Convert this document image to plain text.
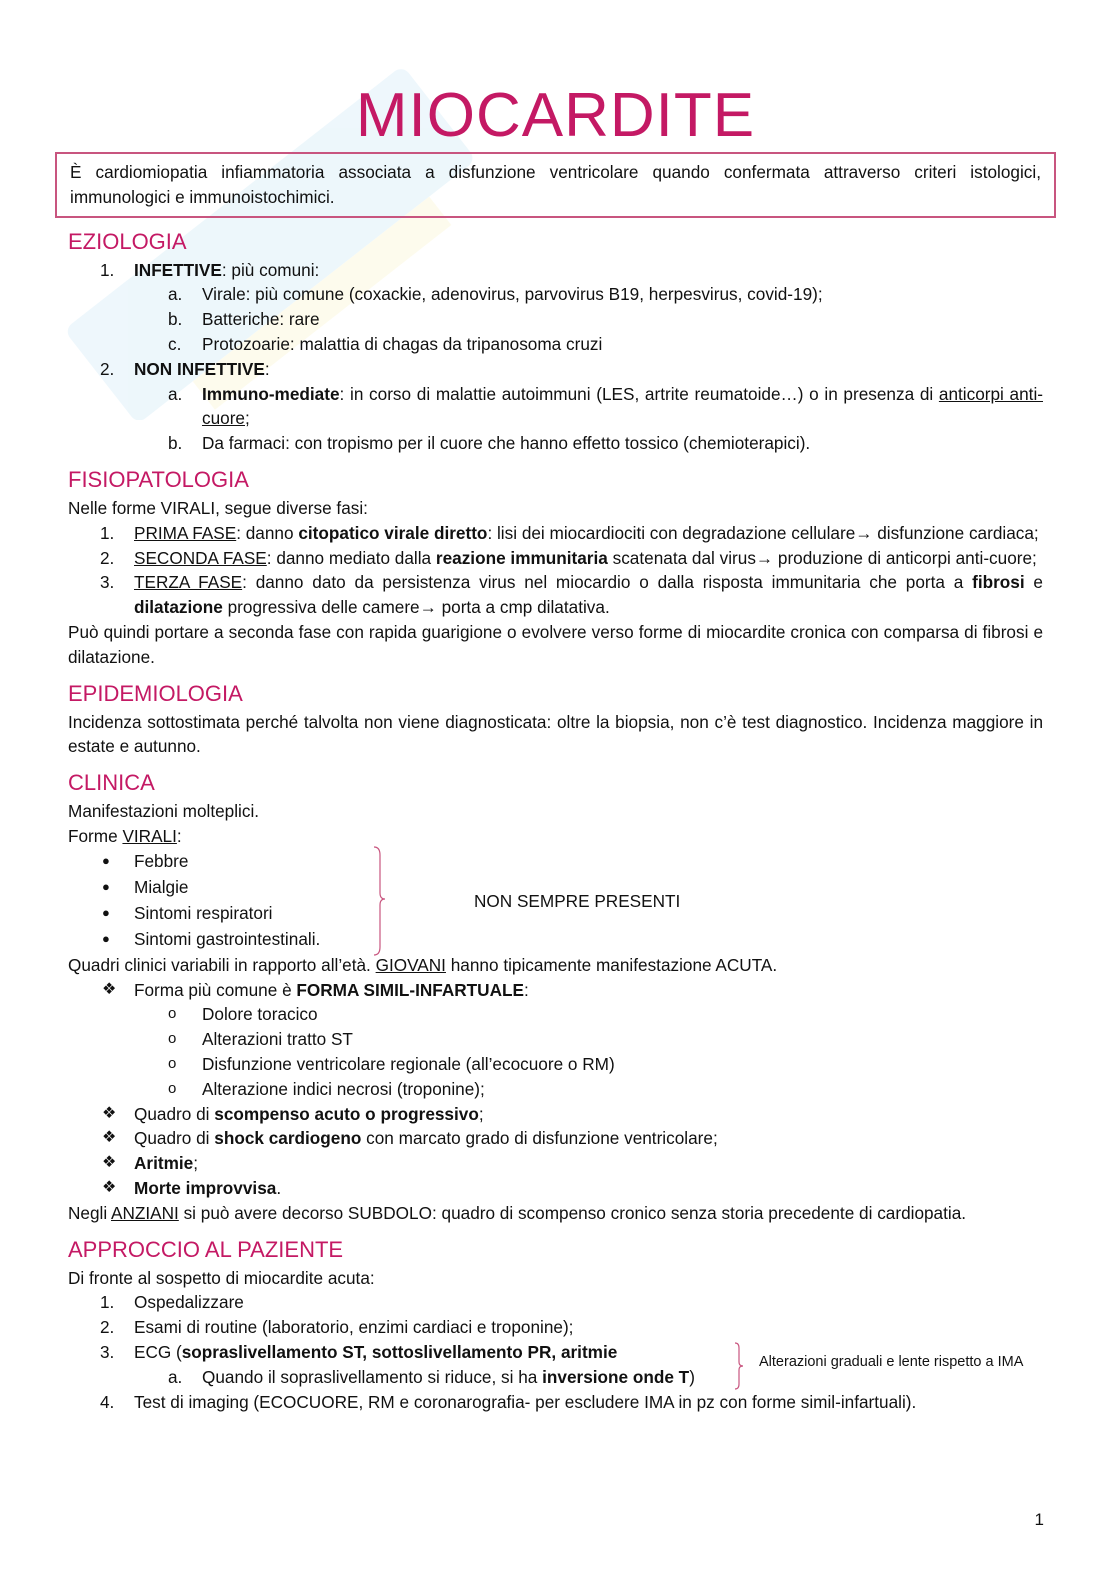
MIOCARDITE

È cardiomiopatia infiammatoria associata a disfunzione ventricolare quando confermata attraverso criteri istologici, immunologici e immunoistochimici.

EZIOLOGIA
1.	INFETTIVE: più comuni:
a.	Virale: più comune (coxackie, adenovirus, parvovirus B19, herpesvirus, covid-19);
b.	Batteriche: rare
c.	Protozoarie: malattia di chagas da tripanosoma cruzi
2.	NON INFETTIVE:
a.	Immuno-mediate: in corso di malattie autoimmuni (LES, artrite reumatoide…) o in presenza di anticorpi anti-cuore;
b.	Da farmaci: con tropismo per il cuore che hanno effetto tossico (chemioterapici).
FISIOPATOLOGIA

Nelle forme VIRALI, segue diverse fasi:

1.	PRIMA FASE: danno citopatico virale diretto: lisi dei miocardiociti con degradazione cellulare→ disfunzione cardiaca;
2.	SECONDA FASE: danno mediato dalla reazione immunitaria scatenata dal virus→ produzione di anticorpi anti-cuore;
3.	TERZA FASE: danno dato da persistenza virus nel miocardio o dalla risposta immunitaria che porta a fibrosi e dilatazione progressiva delle camere→ porta a cmp dilatativa.

Può quindi portare a seconda fase con rapida guarigione o evolvere verso forme di miocardite cronica con comparsa di fibrosi e dilatazione.

EPIDEMIOLOGIA

Incidenza sottostimata perché talvolta non viene diagnosticata: oltre la biopsia, non c’è test diagnostico. Incidenza maggiore in estate e autunno.

CLINICA

Manifestazioni molteplici.

Forme VIRALI:

●	Febbre
●	Mialgie
●	Sintomi respiratori
●	Sintomi gastrointestinali.
NON SEMPRE PRESENTI

Quadri clinici variabili in rapporto all’età. GIOVANI hanno tipicamente manifestazione ACUTA.

❖	Forma più comune è FORMA SIMIL-INFARTUALE:
o	Dolore toracico
o	Alterazioni tratto ST
o	Disfunzione ventricolare regionale (all’ecocuore o RM)
o	Alterazione indici necrosi (troponine);
❖	Quadro di scompenso acuto o progressivo;
❖	Quadro di shock cardiogeno con marcato grado di disfunzione ventricolare;
❖	Aritmie;
❖	Morte improvvisa.

Negli ANZIANI si può avere decorso SUBDOLO: quadro di scompenso cronico senza storia precedente di cardiopatia.

APPROCCIO AL PAZIENTE

Di fronte al sospetto di miocardite acuta:

1.	Ospedalizzare
2.	Esami di routine (laboratorio, enzimi cardiaci e troponine);
3.	ECG (sopraslivellamento ST, sottoslivellamento PR, aritmie
a.	Quando il sopraslivellamento si riduce, si ha inversione onde T)
Alterazioni graduali e lente rispetto a IMA
4.	Test di imaging (ECOCUORE, RM e coronarografia- per escludere IMA in pz con forme simil-infartuali).
1
